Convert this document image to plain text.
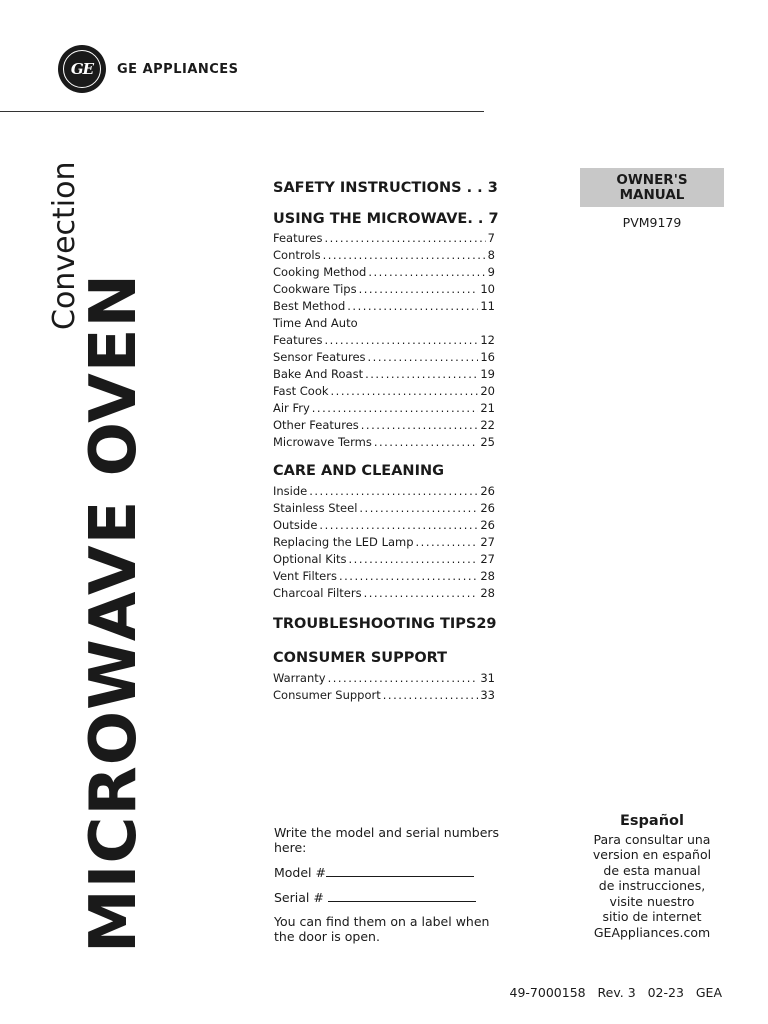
GE	GE APPLIANCES
Convection
MICROWAVE OVEN
OWNER'S
MANUAL
PVM9179
SAFETY INSTRUCTIONS . . 3
USING THE MICROWAVE. . 7
Features .....	7
Controls .....	8
Cooking Method .....	9
Cookware Tips .....	10
Best Method .....	11
Time And Auto
Features .....	12
Sensor Features .....	16
Bake And Roast .....	19
Fast Cook .....	20
Air Fry .....	21
Other Features .....	22
Microwave Terms .....	25
CARE AND CLEANING
Inside .....	26
Stainless Steel .....	26
Outside .....	26
Replacing the LED Lamp .....	27
Optional Kits .....	27
Vent Filters .....	28
Charcoal Filters .....	28
TROUBLESHOOTING TIPS 29
CONSUMER SUPPORT
Warranty .....	31
Consumer Support .....	33

Write the model and serial numbers here:

Model #

Serial #

You can find them on a label when the door is open.

Español
Para consultar una
version en español
de esta manual
de instrucciones,
visite nuestro
sitio de internet
GEAppliances.com
49-7000158 Rev. 3 02-23 GEA
